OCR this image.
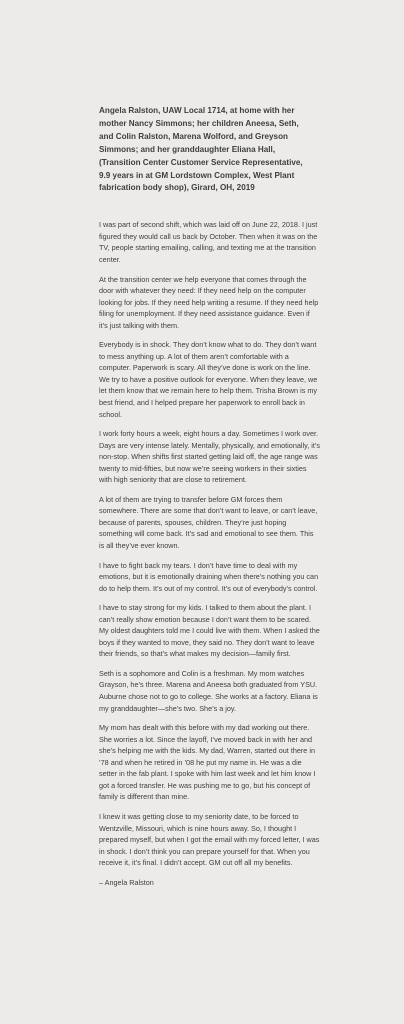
Angela Ralston, UAW Local 1714, at home with her mother Nancy Simmons; her children Aneesa, Seth, and Colin Ralston, Marena Wolford, and Greyson Simmons; and her granddaughter Eliana Hall, (Transition Center Customer Service Representative, 9.9 years in at GM Lordstown Complex, West Plant fabrication body shop), Girard, OH, 2019

I was part of second shift, which was laid off on June 22, 2018. I just figured they would call us back by October. Then when it was on the TV, people starting emailing, calling, and texting me at the transition center.

At the transition center we help everyone that comes through the door with whatever they need: If they need help on the computer looking for jobs. If they need help writing a resume. If they need help filing for unemployment. If they need assistance guidance. Even if it’s just talking with them.

Everybody is in shock. They don’t know what to do. They don’t want to mess anything up. A lot of them aren’t comfortable with a computer. Paperwork is scary. All they’ve done is work on the line. We try to have a positive outlook for everyone. When they leave, we let them know that we remain here to help them. Trisha Brown is my best friend, and I helped prepare her paperwork to enroll back in school.

I work forty hours a week, eight hours a day. Sometimes I work over. Days are very intense lately. Mentally, physically, and emotionally, it’s non-stop. When shifts first started getting laid off, the age range was twenty to mid-fifties, but now we’re seeing workers in their sixties with high seniority that are close to retirement.

A lot of them are trying to transfer before GM forces them somewhere. There are some that don’t want to leave, or can’t leave, because of parents, spouses, children. They’re just hoping something will come back. It’s sad and emotional to see them. This is all they’ve ever known.

I have to fight back my tears. I don’t have time to deal with my emotions, but it is emotionally draining when there’s nothing you can do to help them. It’s out of my control. It’s out of everybody’s control.

I have to stay strong for my kids. I talked to them about the plant. I can’t really show emotion because I don’t want them to be scared. My oldest daughters told me I could live with them. When I asked the boys if they wanted to move, they said no. They don’t want to leave their friends, so that’s what makes my decision—family first.

Seth is a sophomore and Colin is a freshman. My mom watches Grayson, he’s three. Marena and Aneesa both graduated from YSU. Auburne chose not to go to college. She works at a factory. Eliana is my granddaughter—she’s two. She’s a joy.

My mom has dealt with this before with my dad working out there. She worries a lot. Since the layoff, I’ve moved back in with her and she’s helping me with the kids. My dad, Warren, started out there in ’78 and when he retired in ’08 he put my name in. He was a die setter in the fab plant. I spoke with him last week and let him know I got a forced transfer. He was pushing me to go, but his concept of family is different than mine.

I knew it was getting close to my seniority date, to be forced to Wentzville, Missouri, which is nine hours away. So, I thought I prepared myself, but when I got the email with my forced letter, I was in shock. I don’t think you can prepare yourself for that. When you receive it, it’s final. I didn’t accept. GM cut off all my benefits.

– Angela Ralston
